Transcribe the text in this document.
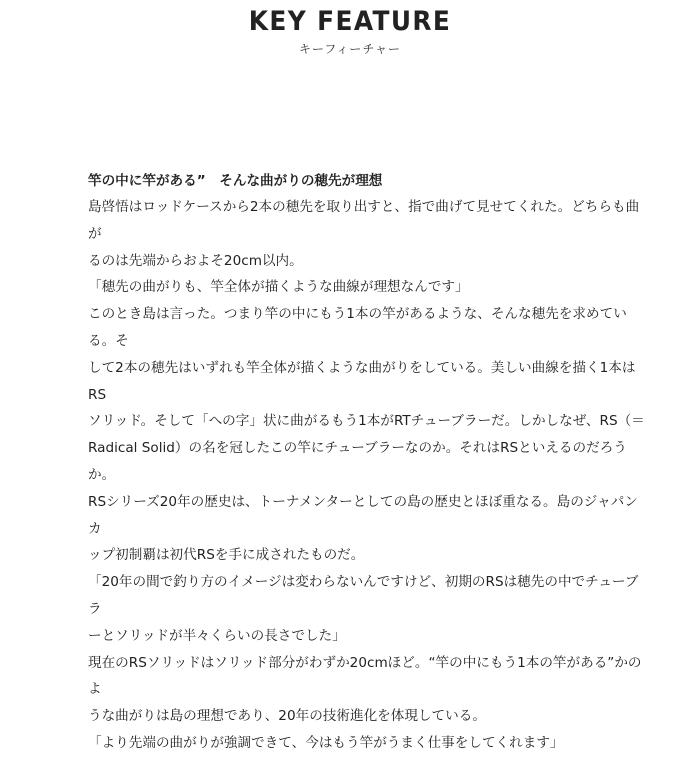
KEY FEATURE
キーフィーチャー
竿の中に竿がある”　そんな曲がりの穂先が理想
島啓悟はロッドケースから2本の穂先を取り出すと、指で曲げて見せてくれた。どちらも曲が
るのは先端からおよそ20cm以内。
「穂先の曲がりも、竿全体が描くような曲線が理想なんです」
このとき島は言った。つまり竿の中にもう1本の竿があるような、そんな穂先を求めている。そ
して2本の穂先はいずれも竿全体が描くような曲がりをしている。美しい曲線を描く1本はRS
ソリッド。そして「への字」状に曲がるもう1本がRTチューブラーだ。しかしなぜ、RS（＝
Radical Solid）の名を冠したこの竿にチューブラーなのか。それはRSといえるのだろうか。
RSシリーズ20年の歴史は、トーナメンターとしての島の歴史とほぼ重なる。島のジャパンカ
ップ初制覇は初代RSを手に成されたものだ。
「20年の間で釣り方のイメージは変わらないんですけど、初期のRSは穂先の中でチューブラ
ーとソリッドが半々くらいの長さでした」
現在のRSソリッドはソリッド部分がわずか20cmほど。“竿の中にもう1本の竿がある”かのよ
うな曲がりは島の理想であり、20年の技術進化を体現している。
「より先端の曲がりが強調できて、今はもう竿がうまく仕事をしてくれます」
